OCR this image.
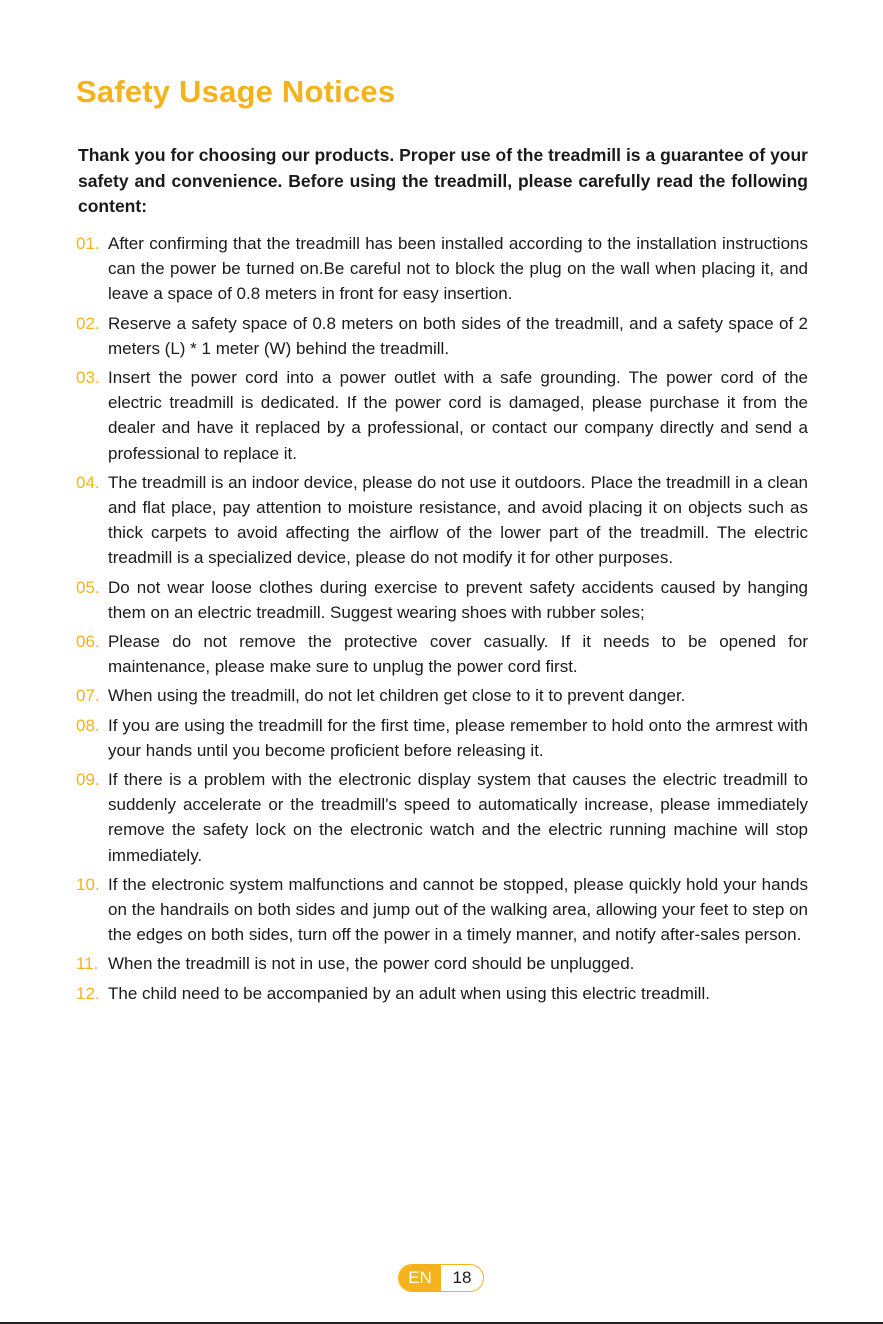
Safety Usage Notices

Thank you for choosing our products. Proper use of the treadmill is a guarantee of your safety and convenience. Before using the treadmill, please carefully read the following content:

01. After confirming that the treadmill has been installed according to the installation instructions can the power be turned on.Be careful not to block the plug on the wall when placing it, and leave a space of 0.8 meters in front for easy insertion.
02. Reserve a safety space of 0.8 meters on both sides of the treadmill, and a safety space of 2 meters (L) * 1 meter (W) behind the treadmill.
03. Insert the power cord into a power outlet with a safe grounding. The power cord of the electric treadmill is dedicated. If the power cord is damaged, please purchase it from the dealer and have it replaced by a professional, or contact our company directly and send a professional to replace it.
04. The treadmill is an indoor device, please do not use it outdoors. Place the treadmill in a clean and flat place, pay attention to moisture resistance, and avoid placing it on objects such as thick carpets to avoid affecting the airflow of the lower part of the treadmill. The electric treadmill is a specialized device, please do not modify it for other purposes.
05. Do not wear loose clothes during exercise to prevent safety accidents caused by hanging them on an electric treadmill. Suggest wearing shoes with rubber soles;
06. Please do not remove the protective cover casually. If it needs to be opened for maintenance, please make sure to unplug the power cord first.
07. When using the treadmill, do not let children get close to it to prevent danger.
08. If you are using the treadmill for the first time, please remember to hold onto the armrest with your hands until you become proficient before releasing it.
09. If there is a problem with the electronic display system that causes the electric treadmill to suddenly accelerate or the treadmill's speed to automatically increase, please immediately remove the safety lock on the electronic watch and the electric running machine will stop immediately.
10. If the electronic system malfunctions and cannot be stopped, please quickly hold your hands on the handrails on both sides and jump out of the walking area, allowing your feet to step on the edges on both sides, turn off the power in a timely manner, and notify after-sales person.
11. When the treadmill is not in use, the power cord should be unplugged.
12. The child need to be accompanied by an adult when using this electric treadmill.
EN	18
